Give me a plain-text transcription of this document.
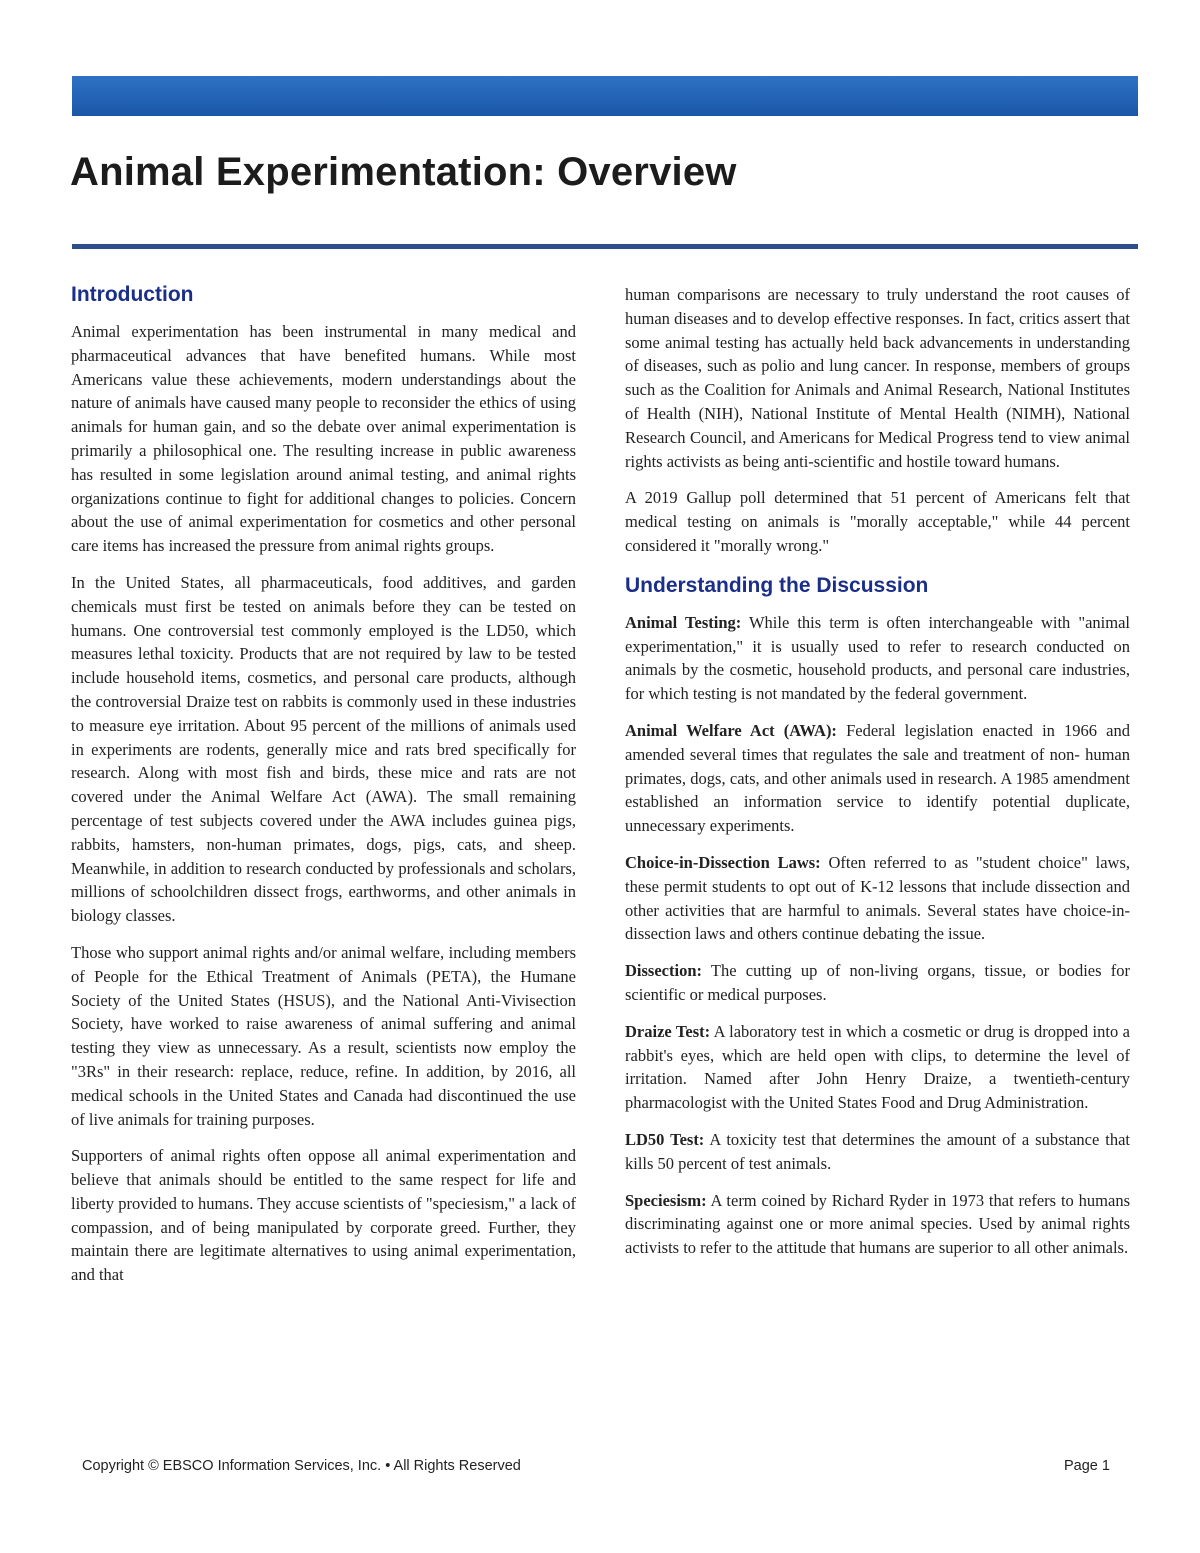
Animal Experimentation: Overview
Introduction

Animal experimentation has been instrumental in many medical and pharmaceutical advances that have benefited humans. While most Americans value these achievements, modern understandings about the nature of animals have caused many people to reconsider the ethics of using animals for human gain, and so the debate over animal experimentation is primarily a philosophical one. The resulting increase in public awareness has resulted in some legislation around animal testing, and animal rights organizations continue to fight for additional changes to policies. Concern about the use of animal experimentation for cosmetics and other personal care items has increased the pressure from animal rights groups.

In the United States, all pharmaceuticals, food additives, and garden chemicals must first be tested on animals before they can be tested on humans. One controversial test commonly employed is the LD50, which measures lethal toxicity. Products that are not required by law to be tested include household items, cosmetics, and personal care products, although the controversial Draize test on rabbits is commonly used in these industries to measure eye irritation. About 95 percent of the millions of animals used in experiments are rodents, generally mice and rats bred specifically for research. Along with most fish and birds, these mice and rats are not covered under the Animal Welfare Act (AWA). The small remaining percentage of test subjects covered under the AWA includes guinea pigs, rabbits, hamsters, non-human primates, dogs, pigs, cats, and sheep. Meanwhile, in addition to research conducted by professionals and scholars, millions of schoolchildren dissect frogs, earthworms, and other animals in biology classes.

Those who support animal rights and/or animal welfare, including members of People for the Ethical Treatment of Animals (PETA), the Humane Society of the United States (HSUS), and the National Anti-Vivisection Society, have worked to raise awareness of animal suffering and animal testing they view as unnecessary. As a result, scientists now employ the "3Rs" in their research: replace, reduce, refine. In addition, by 2016, all medical schools in the United States and Canada had discontinued the use of live animals for training purposes.

Supporters of animal rights often oppose all animal experimentation and believe that animals should be entitled to the same respect for life and liberty provided to humans. They accuse scientists of "speciesism," a lack of compassion, and of being manipulated by corporate greed. Further, they maintain there are legitimate alternatives to using animal experimentation, and that

human comparisons are necessary to truly understand the root causes of human diseases and to develop effective responses. In fact, critics assert that some animal testing has actually held back advancements in understanding of diseases, such as polio and lung cancer. In response, members of groups such as the Coalition for Animals and Animal Research, National Institutes of Health (NIH), National Institute of Mental Health (NIMH), National Research Council, and Americans for Medical Progress tend to view animal rights activists as being anti-scientific and hostile toward humans.

A 2019 Gallup poll determined that 51 percent of Americans felt that medical testing on animals is "morally acceptable," while 44 percent considered it "morally wrong."

Understanding the Discussion

Animal Testing: While this term is often interchangeable with "animal experimentation," it is usually used to refer to research conducted on animals by the cosmetic, household products, and personal care industries, for which testing is not mandated by the federal government.

Animal Welfare Act (AWA): Federal legislation enacted in 1966 and amended several times that regulates the sale and treatment of non- human primates, dogs, cats, and other animals used in research. A 1985 amendment established an information service to identify potential duplicate, unnecessary experiments.

Choice-in-Dissection Laws: Often referred to as "student choice" laws, these permit students to opt out of K-12 lessons that include dissection and other activities that are harmful to animals. Several states have choice-in-dissection laws and others continue debating the issue.

Dissection: The cutting up of non-living organs, tissue, or bodies for scientific or medical purposes.

Draize Test: A laboratory test in which a cosmetic or drug is dropped into a rabbit's eyes, which are held open with clips, to determine the level of irritation. Named after John Henry Draize, a twentieth-century pharmacologist with the United States Food and Drug Administration.

LD50 Test: A toxicity test that determines the amount of a substance that kills 50 percent of test animals.

Speciesism: A term coined by Richard Ryder in 1973 that refers to humans discriminating against one or more animal species. Used by animal rights activists to refer to the attitude that humans are superior to all other animals.

Copyright © EBSCO Information Services, Inc. • All Rights Reserved	Page 1
